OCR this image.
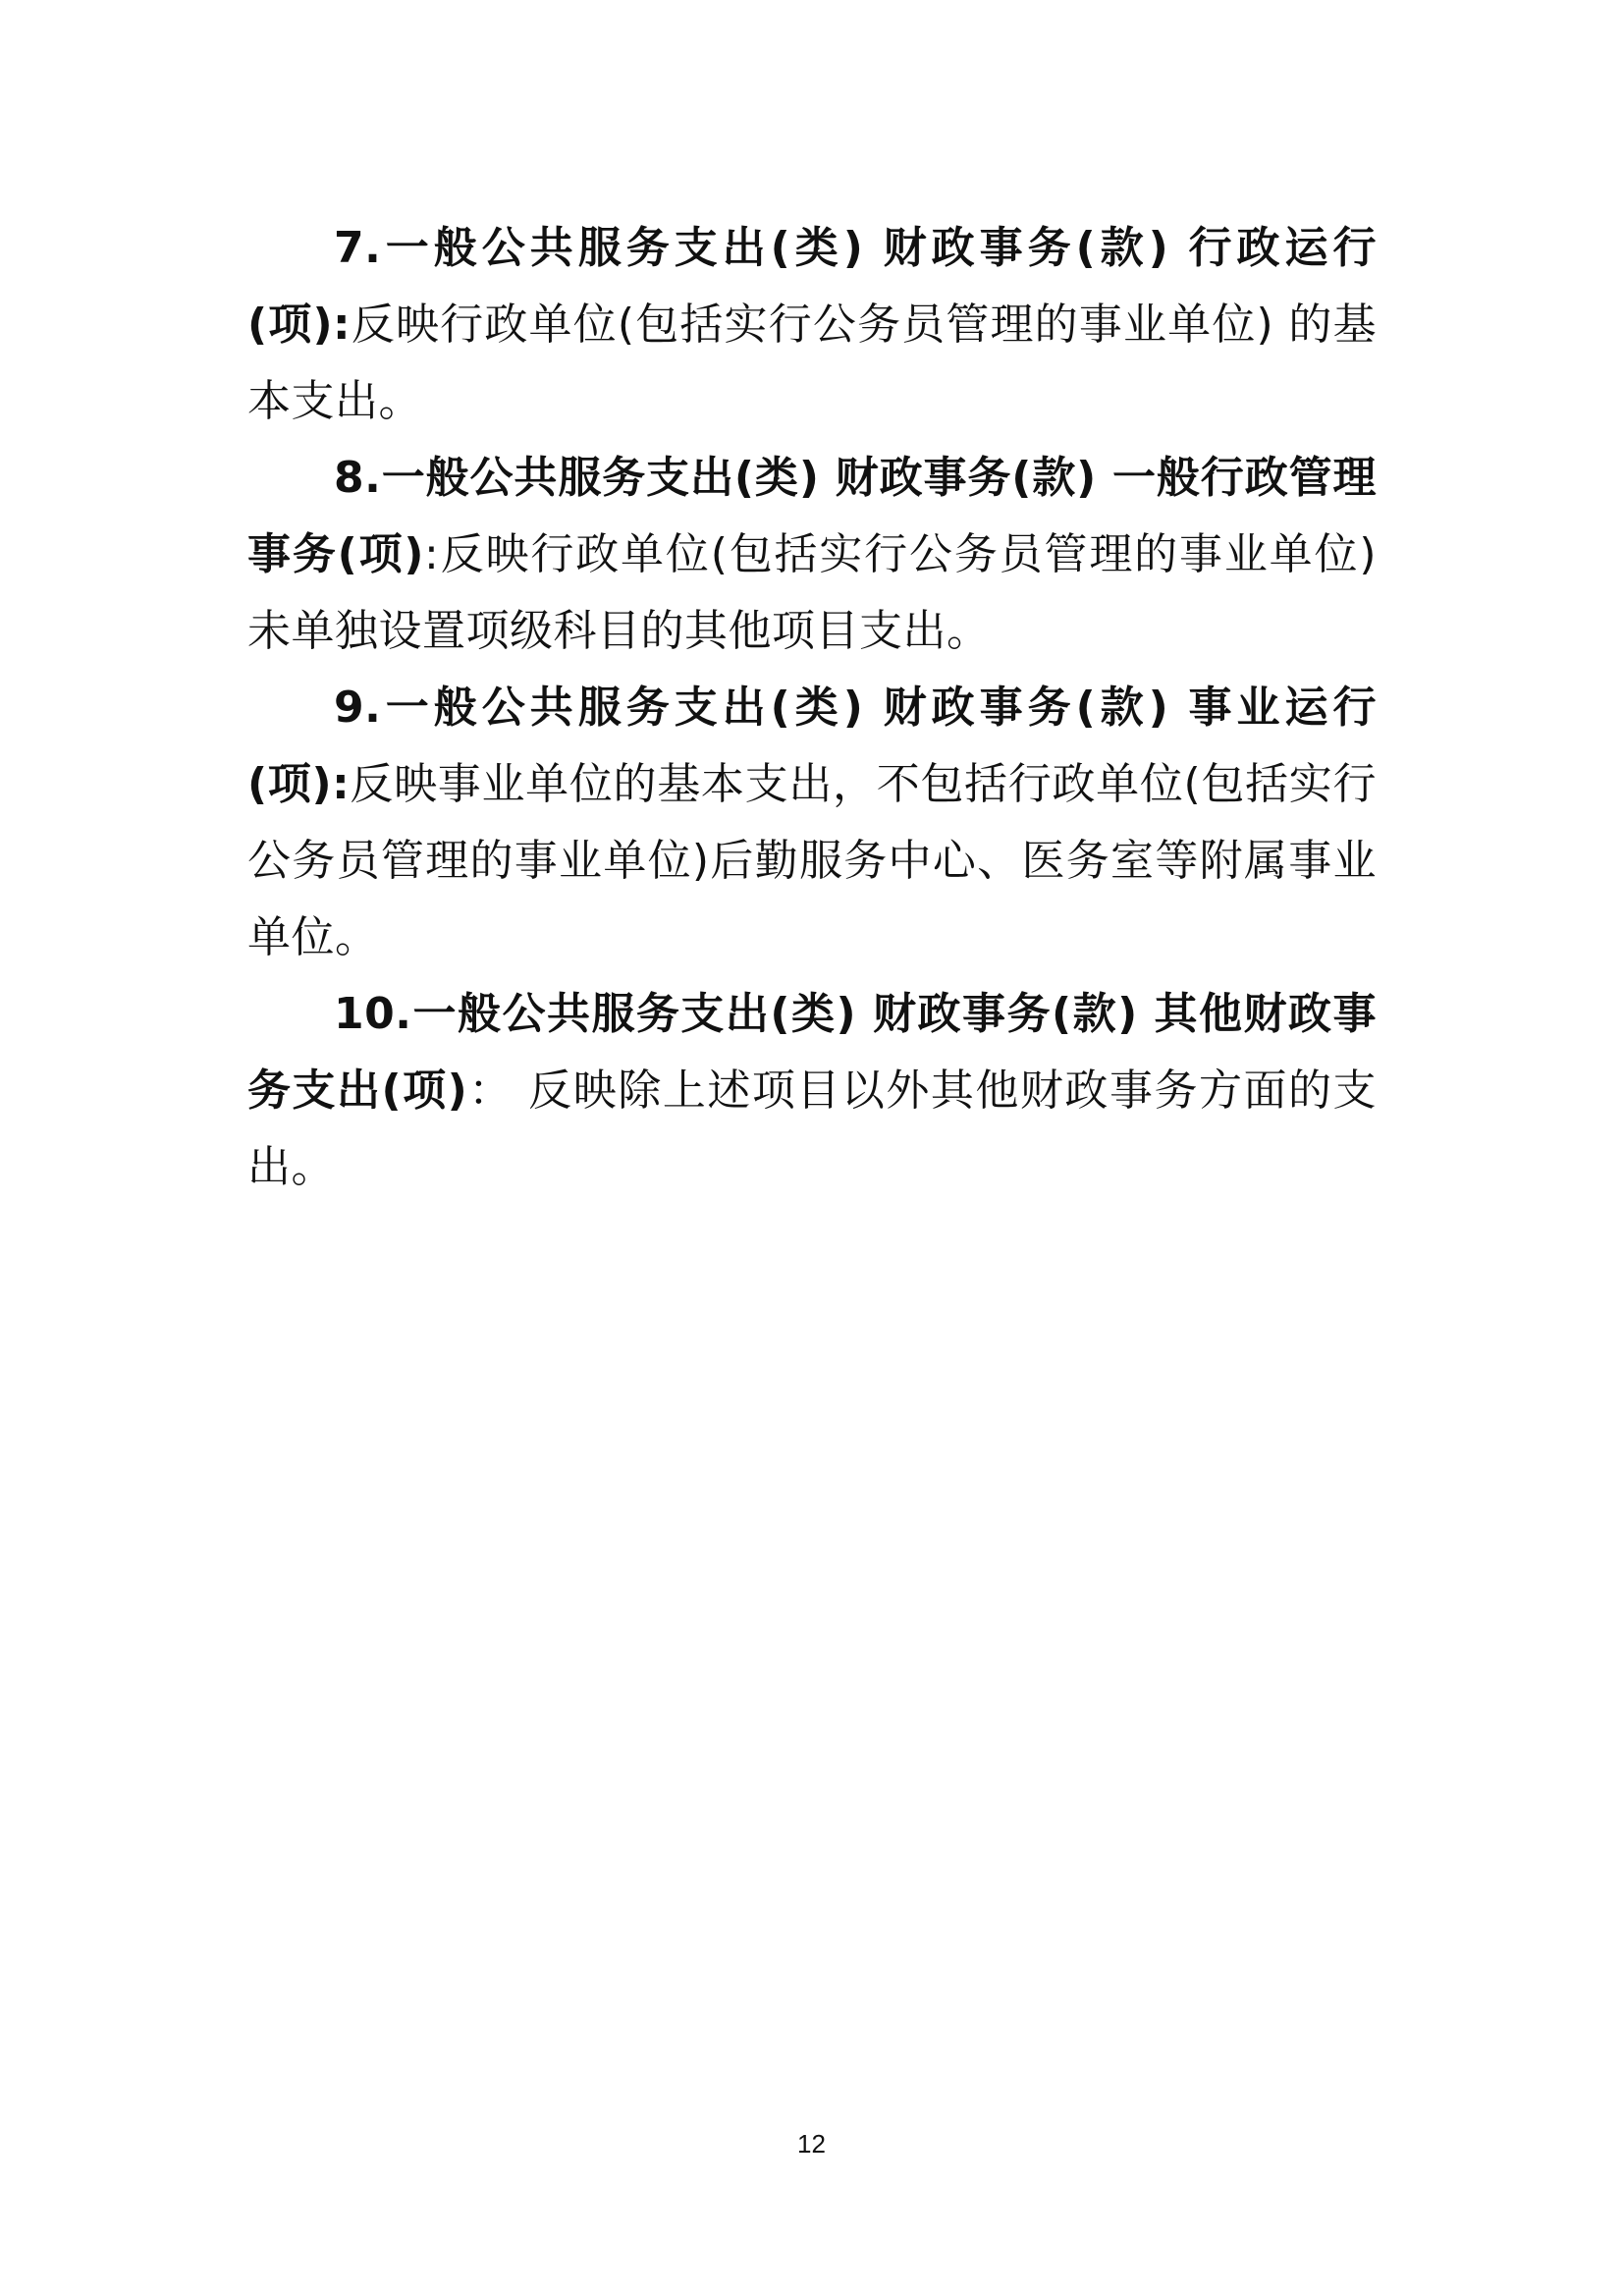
7.一般公共服务支出(类) 财政事务(款) 行政运行(项):反映行政单位(包括实行公务员管理的事业单位) 的基本支出。

8.一般公共服务支出(类) 财政事务(款) 一般行政管理事务(项):反映行政单位(包括实行公务员管理的事业单位)未单独设置项级科目的其他项目支出。

9.一般公共服务支出(类) 财政事务(款) 事业运行(项):反映事业单位的基本支出，不包括行政单位(包括实行公务员管理的事业单位)后勤服务中心、医务室等附属事业单位。

10.一般公共服务支出(类) 财政事务(款) 其他财政事务支出(项)： 反映除上述项目以外其他财政事务方面的支出。

12
